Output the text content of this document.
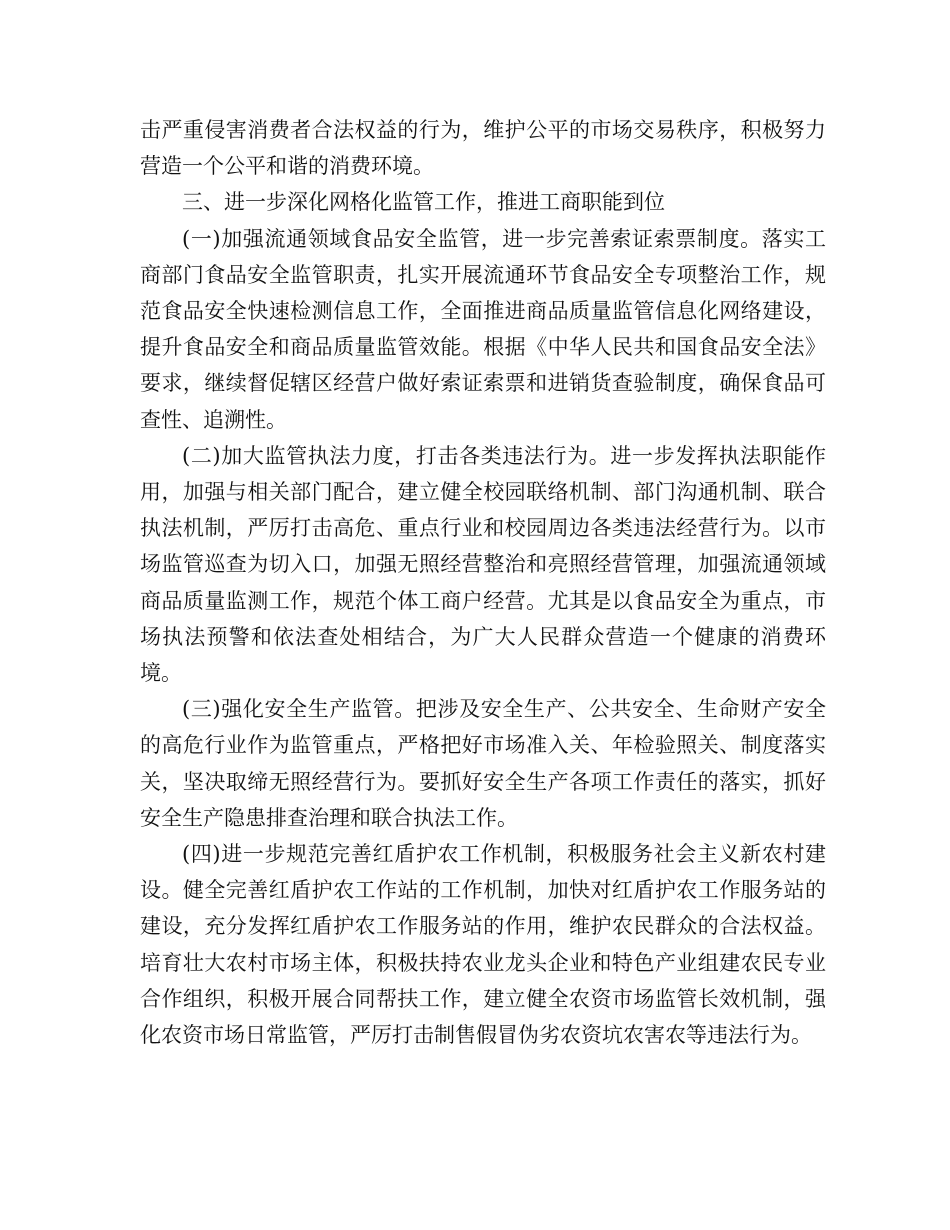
击严重侵害消费者合法权益的行为，维护公平的市场交易秩序，积极努力营造一个公平和谐的消费环境。

三、进一步深化网格化监管工作，推进工商职能到位

(一)加强流通领域食品安全监管，进一步完善索证索票制度。落实工商部门食品安全监管职责，扎实开展流通环节食品安全专项整治工作，规范食品安全快速检测信息工作，全面推进商品质量监管信息化网络建设，提升食品安全和商品质量监管效能。根据《中华人民共和国食品安全法》要求，继续督促辖区经营户做好索证索票和进销货查验制度，确保食品可查性、追溯性。

(二)加大监管执法力度，打击各类违法行为。进一步发挥执法职能作用，加强与相关部门配合，建立健全校园联络机制、部门沟通机制、联合执法机制，严厉打击高危、重点行业和校园周边各类违法经营行为。以市场监管巡查为切入口，加强无照经营整治和亮照经营管理，加强流通领域商品质量监测工作，规范个体工商户经营。尤其是以食品安全为重点，市场执法预警和依法查处相结合，为广大人民群众营造一个健康的消费环境。

(三)强化安全生产监管。把涉及安全生产、公共安全、生命财产安全的高危行业作为监管重点，严格把好市场准入关、年检验照关、制度落实关，坚决取缔无照经营行为。要抓好安全生产各项工作责任的落实，抓好安全生产隐患排查治理和联合执法工作。

(四)进一步规范完善红盾护农工作机制，积极服务社会主义新农村建设。健全完善红盾护农工作站的工作机制，加快对红盾护农工作服务站的建设，充分发挥红盾护农工作服务站的作用，维护农民群众的合法权益。培育壮大农村市场主体，积极扶持农业龙头企业和特色产业组建农民专业合作组织，积极开展合同帮扶工作，建立健全农资市场监管长效机制，强化农资市场日常监管，严厉打击制售假冒伪劣农资坑农害农等违法行为。
